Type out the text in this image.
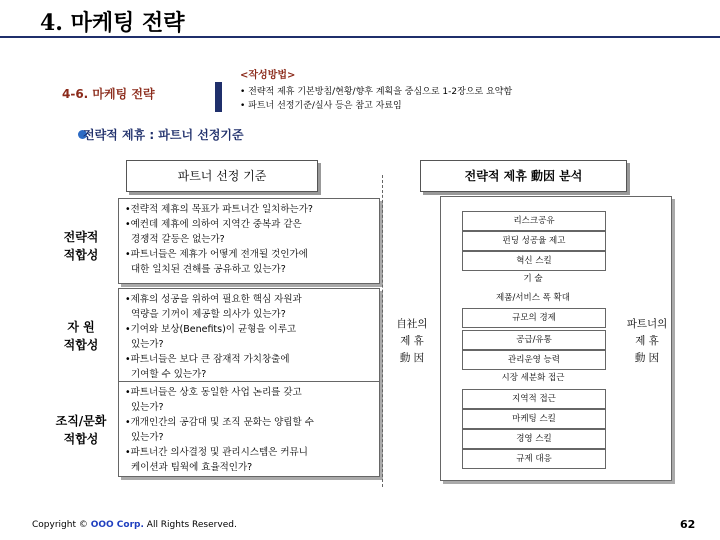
4. 마케팅 전략
4-6. 마케팅 전략
<작성방법>
• 전략적 제휴 기본방침/현황/향후 계획을 중심으로 1-2장으로 요약함
• 파트너 선정기준/실사 등은 참고 자료임
전략적 제휴 : 파트너 선정기준
파트너 선정 기준	전략적 제휴 動因 분석
전략적
적합성
•전략적 제휴의 목표가 파트너간 일치하는가?
•예컨데 제휴에 의하여 지역간 중복과 같은
경쟁적 갈등은 없는가?
•파트너들은 제휴가 어떻게 전개될 것인가에
대한 일치된 견해를 공유하고 있는가?
자 원
적합성
•제휴의 성공을 위하여 필요한 핵심 자원과
역량을 기꺼이 제공할 의사가 있는가?
•기여와 보상(Benefits)이 균형을 이루고
있는가?
•파트너들은 보다 큰 잠재적 가치창출에
기여할 수 있는가?
조직/문화
적합성
•파트너들은 상호 동일한 사업 논리를 갖고
있는가?
•개개인간의 공감대 및 조직 문화는 양립할 수
있는가?
•파트너간 의사결정 및 관리시스템은 커뮤니
케이션과 팀웍에 효율적인가?
自社의
제 휴
動 因
파트너의
제 휴
動 因
리스크공유
펀딩 성공율 제고
혁신 스킬
기 술
제품/서비스 폭 확대
규모의 경제
공급/유통
관리운영 능력
시장 세분화 접근
지역적 접근
마케팅 스킬
경영 스킬
규제 대응
Copyright © OOO Corp. All Rights Reserved.	62
